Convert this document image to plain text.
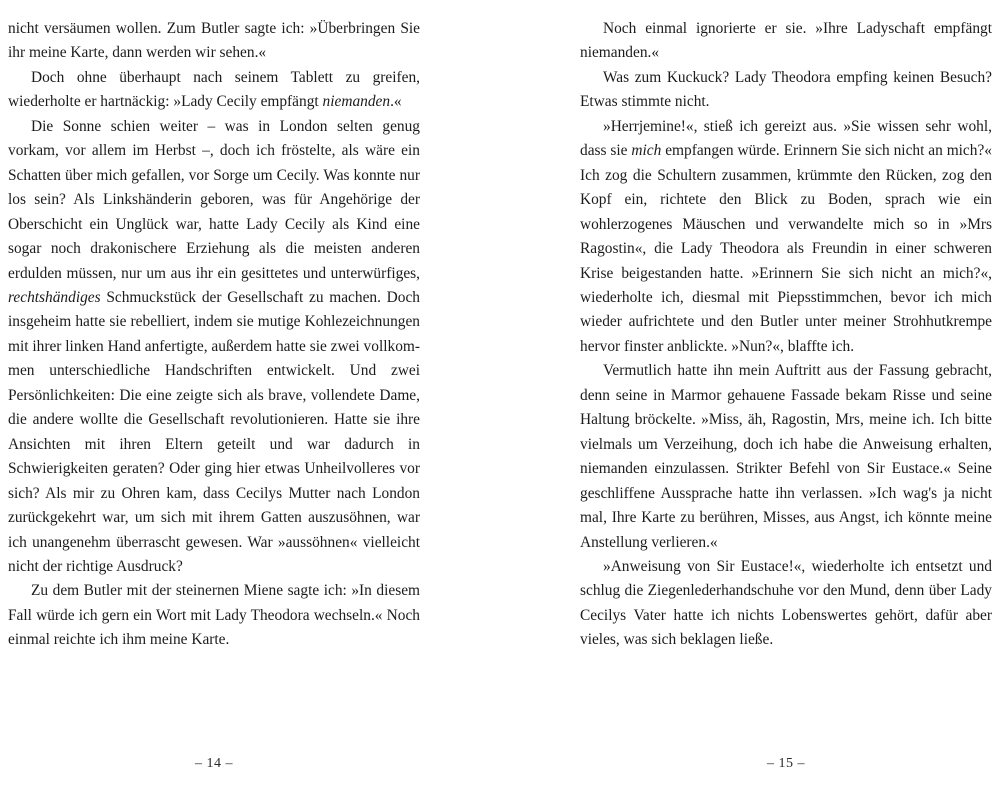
nicht versäumen wollen. Zum Butler sagte ich: »Überbringen Sie ihr meine Karte, dann werden wir sehen.«

Doch ohne überhaupt nach seinem Tablett zu greifen, wiederholte er hartnäckig: »Lady Cecily empfängt niemanden.«

Die Sonne schien weiter – was in London selten genug vorkam, vor allem im Herbst –, doch ich fröstelte, als wäre ein Schatten über mich gefallen, vor Sorge um Cecily. Was konnte nur los sein? Als Linkshänderin geboren, was für Angehörige der Oberschicht ein Unglück war, hatte Lady Cecily als Kind eine sogar noch drakonischere Erziehung als die meisten anderen erdulden müssen, nur um aus ihr ein gesittetes und unterwürfiges, rechtshändiges Schmuckstück der Gesellschaft zu machen. Doch insgeheim hatte sie rebelliert, indem sie mutige Kohlezeichnungen mit ihrer linken Hand anfertigte, außerdem hatte sie zwei vollkommen unterschiedliche Handschriften entwickelt. Und zwei Persönlichkeiten: Die eine zeigte sich als brave, vollendete Dame, die andere wollte die Gesellschaft revolutionieren. Hatte sie ihre Ansichten mit ihren Eltern geteilt und war dadurch in Schwierigkeiten geraten? Oder ging hier etwas Unheilvolleres vor sich? Als mir zu Ohren kam, dass Cecilys Mutter nach London zurückgekehrt war, um sich mit ihrem Gatten auszusöhnen, war ich unangenehm überrascht gewesen. War »aussöhnen« vielleicht nicht der richtige Ausdruck?

Zu dem Butler mit der steinernen Miene sagte ich: »In diesem Fall würde ich gern ein Wort mit Lady Theodora wechseln.« Noch einmal reichte ich ihm meine Karte.

– 14 –

Noch einmal ignorierte er sie. »Ihre Ladyschaft empfängt niemanden.«

Was zum Kuckuck? Lady Theodora empfing keinen Besuch? Etwas stimmte nicht.

»Herrjemine!«, stieß ich gereizt aus. »Sie wissen sehr wohl, dass sie mich empfangen würde. Erinnern Sie sich nicht an mich?« Ich zog die Schultern zusammen, krümmte den Rücken, zog den Kopf ein, richtete den Blick zu Boden, sprach wie ein wohlerzogenes Mäuschen und verwandelte mich so in »Mrs Ragostin«, die Lady Theodora als Freundin in einer schweren Krise beigestanden hatte. »Erinnern Sie sich nicht an mich?«, wiederholte ich, diesmal mit Piepsstimmchen, bevor ich mich wieder aufrichtete und den Butler unter meiner Strohhutkrempe hervor finster anblickte. »Nun?«, blaffte ich.

Vermutlich hatte ihn mein Auftritt aus der Fassung gebracht, denn seine in Marmor gehauene Fassade bekam Risse und seine Haltung bröckelte. »Miss, äh, Ragostin, Mrs, meine ich. Ich bitte vielmals um Verzeihung, doch ich habe die Anweisung erhalten, niemanden einzulassen. Strikter Befehl von Sir Eustace.« Seine geschliffene Aussprache hatte ihn verlassen. »Ich wag's ja nicht mal, Ihre Karte zu berühren, Misses, aus Angst, ich könnte meine Anstellung verlieren.«

»Anweisung von Sir Eustace!«, wiederholte ich entsetzt und schlug die Ziegenlederhandschuhe vor den Mund, denn über Lady Cecilys Vater hatte ich nichts Lobenswertes gehört, dafür aber vieles, was sich beklagen ließe.

– 15 –
